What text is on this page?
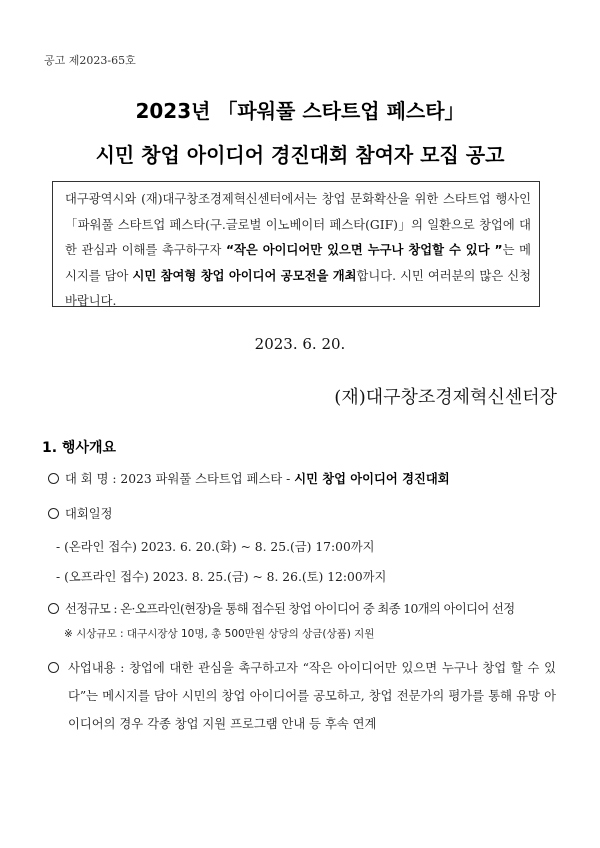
공고 제2023-65호
2023년 「파워풀 스타트업 페스타」
시민 창업 아이디어 경진대회 참여자 모집 공고
대구광역시와 (재)대구창조경제혁신센터에서는 창업 문화확산을 위한 스타트업 행사인 「파워풀 스타트업 페스타(구.글로벌 이노베이터 페스타(GIF)」의 일환으로 창업에 대한 관심과 이해를 촉구하구자 “작은 아이디어만 있으면 누구나 창업할 수 있다 ”는 메시지를 담아 시민 참여형 창업 아이디어 공모전을 개최합니다. 시민 여러분의 많은 신청 바랍니다.
2023. 6. 20.
(재)대구창조경제혁신센터장
1. 행사개요
대 회 명 : 2023 파워풀 스타트업 페스타 - 시민 창업 아이디어 경진대회
대회일정
- (온라인 접수) 2023. 6. 20.(화) ~ 8. 25.(금) 17:00까지
- (오프라인 접수) 2023. 8. 25.(금) ~ 8. 26.(토) 12:00까지
선정규모 : 온·오프라인(현장)을 통해 접수된 창업 아이디어 중 최종 10개의 아이디어 선정
※ 시상규모 : 대구시장상 10명, 총 500만원 상당의 상금(상품) 지원
사업내용 : 창업에 대한 관심을 촉구하고자 “작은 아이디어만 있으면 누구나 창업 할 수 있다”는 메시지를 담아 시민의 창업 아이디어를 공모하고, 창업 전문가의 평가를 통해 유망 아이디어의 경우 각종 창업 지원 프로그램 안내 등 후속 연계
